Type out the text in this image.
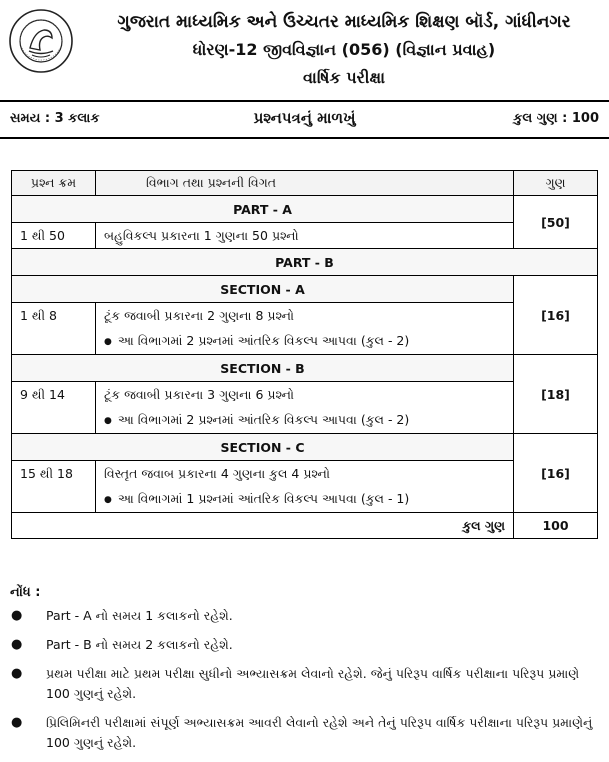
ગુજરાત માધ્યમિક અને ઉચ્ચતર માધ્યમિક શિક્ષણ બૉર્ડ, ગાંધીનગર
ધોરણ-12 જીવવિજ્ઞાન (056) (વિજ્ઞાન પ્રવાહ)
વાર્ષિક પરીક્ષા
સમય : 3 કલાક	પ્રશ્નપત્રનું માળખું	કુલ ગુણ : 100
પ્રશ્ન ક્રમ	વિભાગ તથા પ્રશ્નની વિગત	ગુણ
PART - A		[50]
1 થી 50	બહુવિકલ્પ પ્રકારના 1 ગુણના 50 પ્રશ્નો	
PART - B		
SECTION - A		[16]
1 થી 8	ટૂંક જવાબી પ્રકારના 2 ગુણના 8 પ્રશ્નો	
	● આ વિભાગમાં 2 પ્રશ્નમાં આંતરિક વિકલ્પ આપવા (કુલ - 2)
SECTION - B		[18]
9 થી 14	ટૂંક જવાબી પ્રકારના 3 ગુણના 6 પ્રશ્નો	
	● આ વિભાગમાં 2 પ્રશ્નમાં આંતરિક વિકલ્પ આપવા (કુલ - 2)
SECTION - C		[16]
15 થી 18	વિસ્તૃત જવાબ પ્રકારના 4 ગુણના કુલ 4 પ્રશ્નો	
	● આ વિભાગમાં 1 પ્રશ્નમાં આંતરિક વિકલ્પ આપવા (કુલ - 1)
કુલ ગુણ		100
નોંધ :
● Part - A નો સમય 1 કલાકનો રહેશે.
● Part - B નો સમય 2 કલાકનો રહેશે.
● પ્રથમ પરીક્ષા માટે પ્રથમ પરીક્ષા સુધીનો અભ્યાસક્રમ લેવાનો રહેશે. જેનું પરિરૂપ વાર્ષિક પરીક્ષાના પરિરૂપ પ્રમાણે 100 ગુણનું રહેશે.
● પ્રિલિમિનરી પરીક્ષામાં સંપૂર્ણ અભ્યાસક્રમ આવરી લેવાનો રહેશે અને તેનું પરિરૂપ વાર્ષિક પરીક્ષાના પરિરૂપ પ્રમાણેનું 100 ગુણનું રહેશે.
